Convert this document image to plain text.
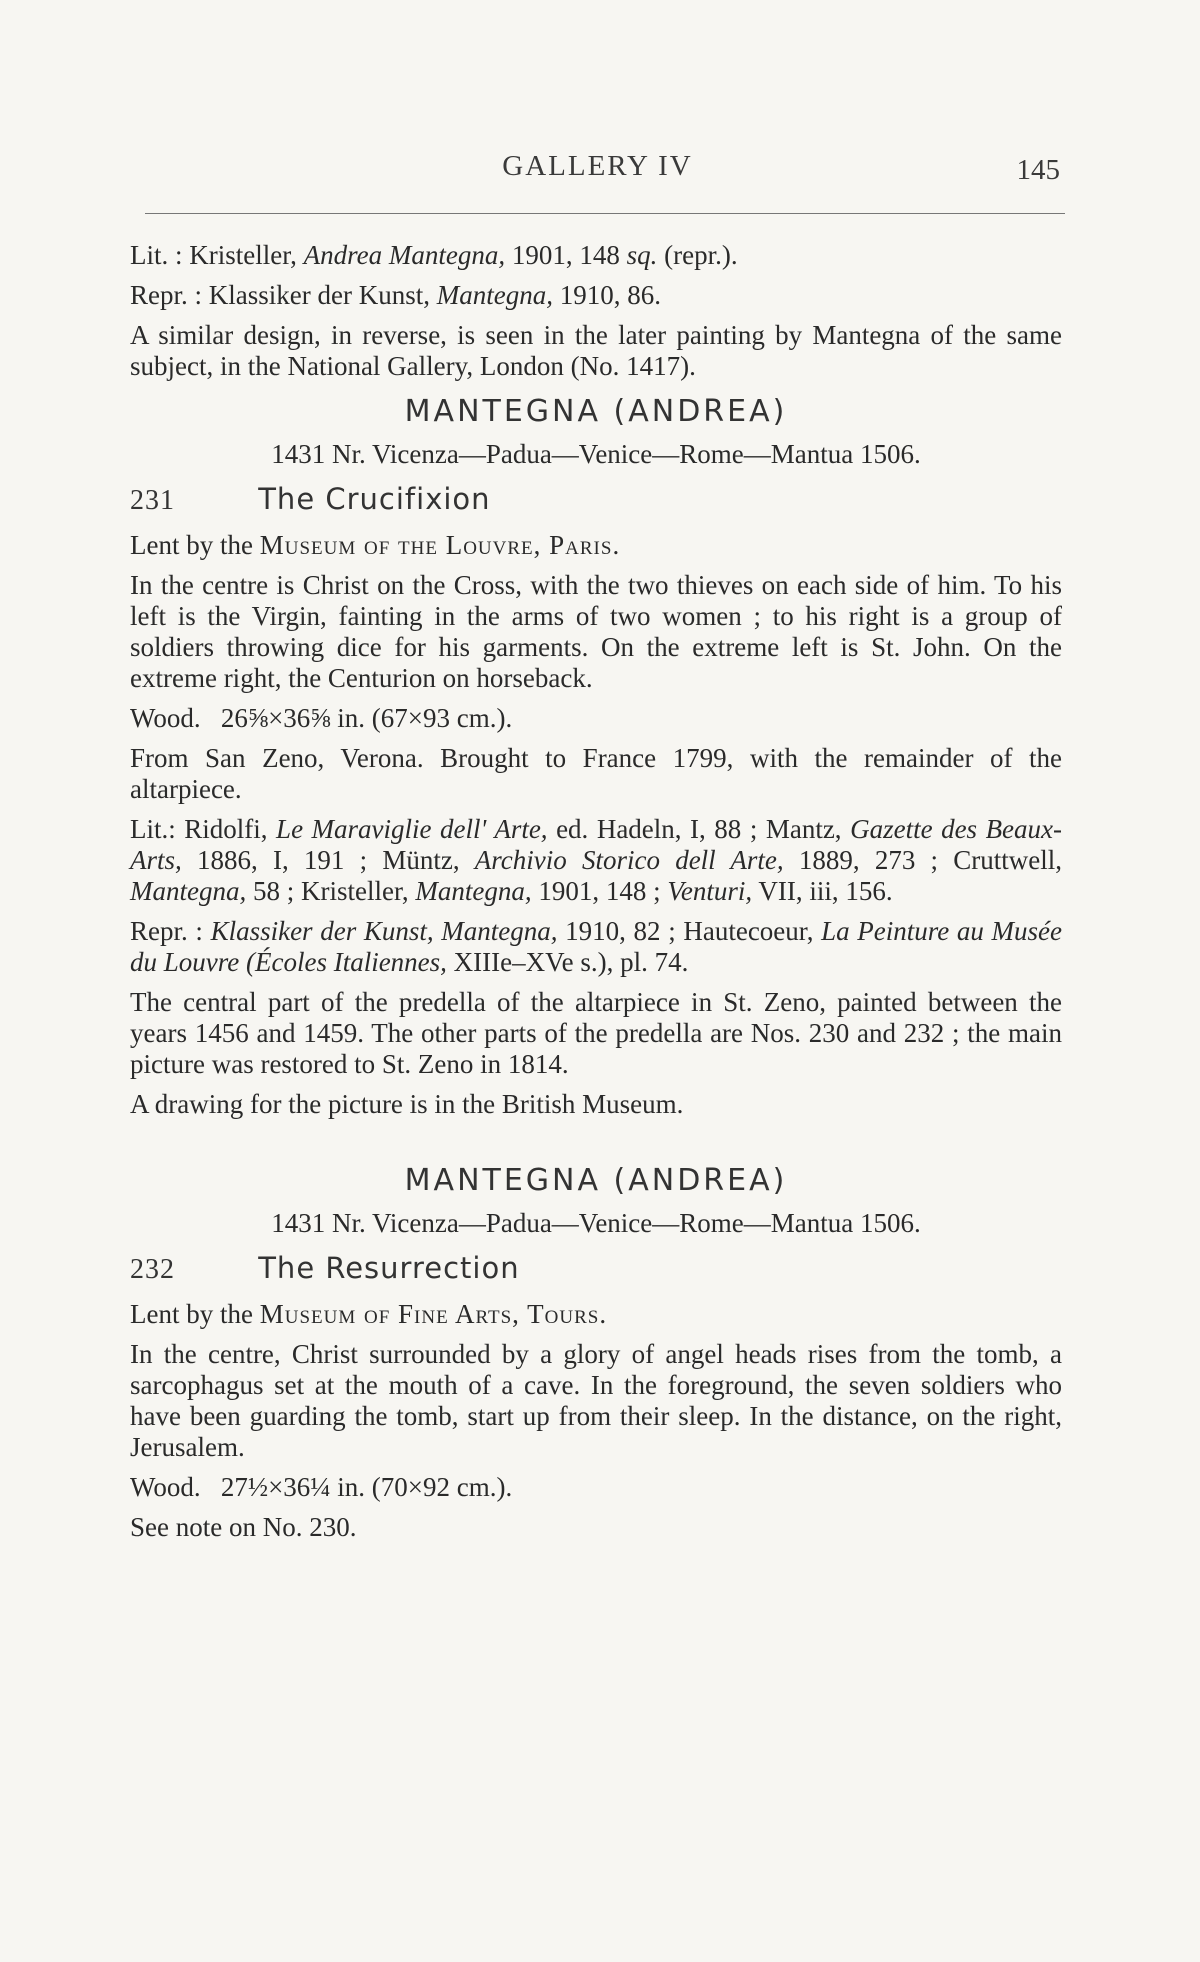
GALLERY IV	145

Lit. : Kristeller, Andrea Mantegna, 1901, 148 sq. (repr.).

Repr. : Klassiker der Kunst, Mantegna, 1910, 86.

A similar design, in reverse, is seen in the later painting by Mantegna of the same subject, in the National Gallery, London (No. 1417).

MANTEGNA (ANDREA)
1431 Nr. Vicenza—Padua—Venice—Rome—Mantua 1506.
231	The Crucifixion

Lent by the Museum of the Louvre, Paris.

In the centre is Christ on the Cross, with the two thieves on each side of him. To his left is the Virgin, fainting in the arms of two women ; to his right is a group of soldiers throwing dice for his garments. On the extreme left is St. John. On the extreme right, the Centurion on horseback.

Wood. 26⅝×36⅝ in. (67×93 cm.).

From San Zeno, Verona. Brought to France 1799, with the remainder of the altarpiece.

Lit.: Ridolfi, Le Maraviglie dell' Arte, ed. Hadeln, I, 88 ; Mantz, Gazette des Beaux-Arts, 1886, I, 191 ; Müntz, Archivio Storico dell Arte, 1889, 273 ; Cruttwell, Mantegna, 58 ; Kristeller, Mantegna, 1901, 148 ; Venturi, VII, iii, 156.

Repr. : Klassiker der Kunst, Mantegna, 1910, 82 ; Hautecoeur, La Peinture au Musée du Louvre (Écoles Italiennes, XIIIe–XVe s.), pl. 74.

The central part of the predella of the altarpiece in St. Zeno, painted between the years 1456 and 1459. The other parts of the predella are Nos. 230 and 232 ; the main picture was restored to St. Zeno in 1814.

A drawing for the picture is in the British Museum.

MANTEGNA (ANDREA)
1431 Nr. Vicenza—Padua—Venice—Rome—Mantua 1506.
232	The Resurrection

Lent by the Museum of Fine Arts, Tours.

In the centre, Christ surrounded by a glory of angel heads rises from the tomb, a sarcophagus set at the mouth of a cave. In the foreground, the seven soldiers who have been guarding the tomb, start up from their sleep. In the distance, on the right, Jerusalem.

Wood. 27½×36¼ in. (70×92 cm.).

See note on No. 230.
